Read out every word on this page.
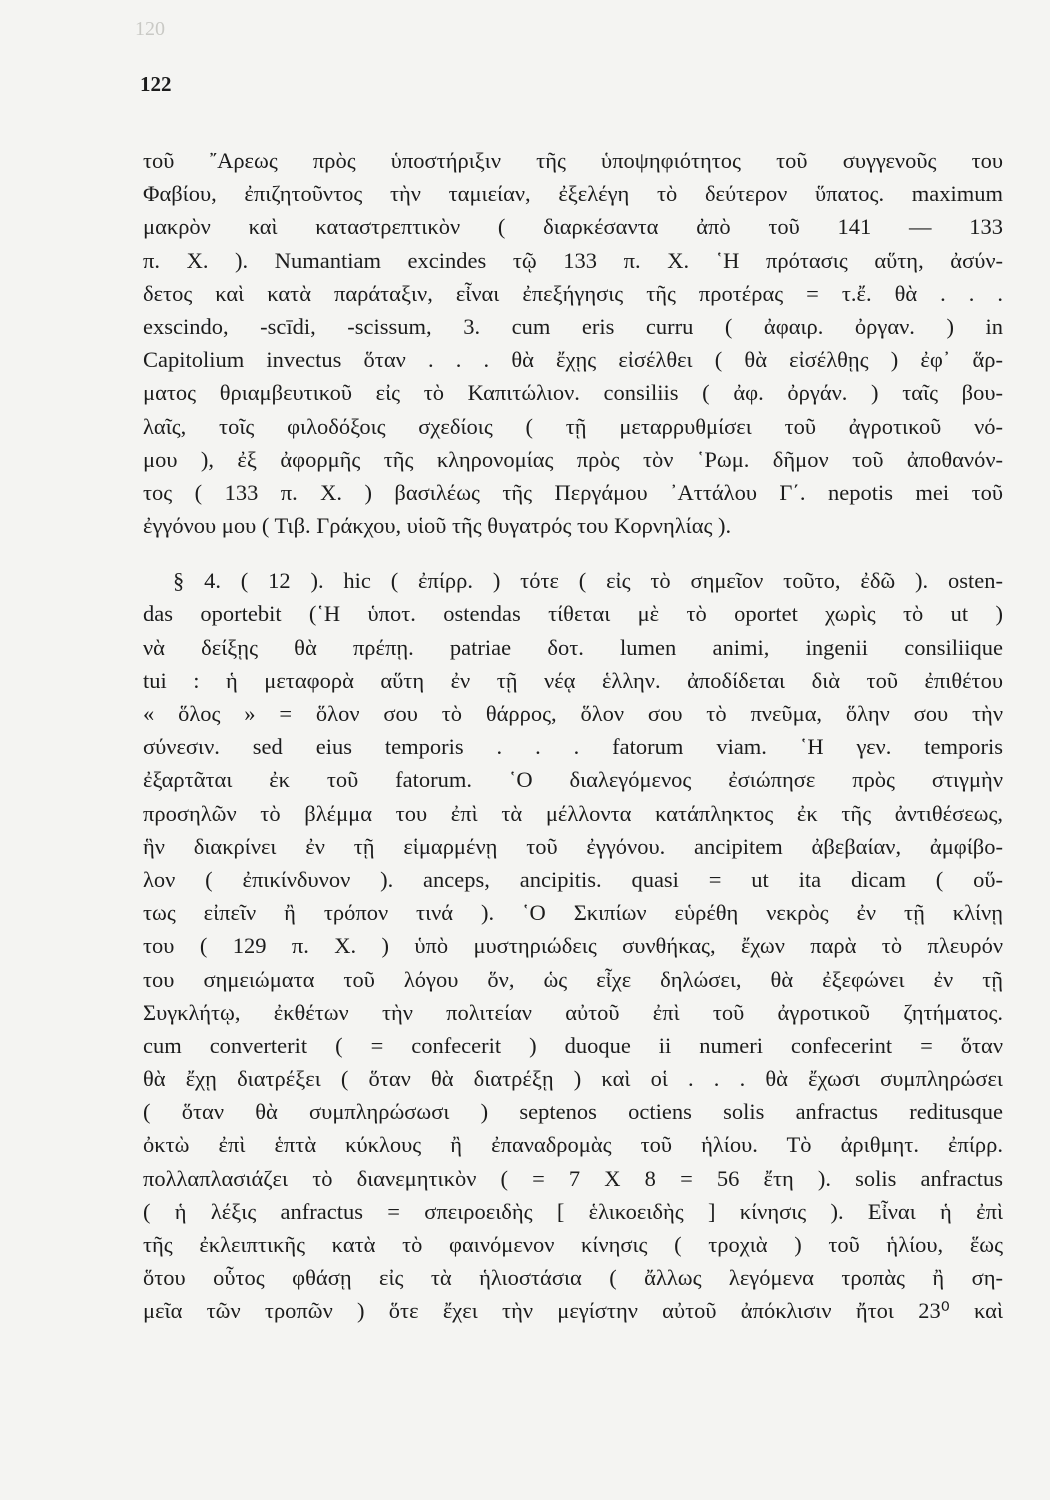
120
122
τοῦ ῎Αρεως πρὸς ὑποστήριξιν τῆς ὑποψηφιότητος τοῦ συγγενοῦς του
Φαβίου, ἐπιζητοῦντος τὴν ταμιείαν, ἐξελέγη τὸ δεύτερον ὕπατος. maximum
μακρὸν καὶ καταστρεπτικὸν ( διαρκέσαντα ἀπὸ τοῦ 141 — 133
π. Χ. ). Numantiam excindes τῷ 133 π. Χ. ῾Η πρότασις αὕτη, ἀσύν-
δετος καὶ κατὰ παράταξιν, εἶναι ἐπεξήγησις τῆς προτέρας = τ.ἔ. θὰ . . .
exscindo, -scīdi, -scissum, 3. cum eris curru ( ἀφαιρ. ὀργαν. ) in
Capitolium invectus ὅταν . . . θὰ ἔχῃς εἰσέλθει ( θὰ εἰσέλθῃς ) ἐφ᾽ ἅρ-
ματος θριαμβευτικοῦ εἰς τὸ Καπιτώλιον. consiliis ( ἀφ. ὀργάν. ) ταῖς βου-
λαῖς, τοῖς φιλοδόξοις σχεδίοις ( τῇ μεταρρυθμίσει τοῦ ἀγροτικοῦ νό-
μου ), ἐξ ἀφορμῆς τῆς κληρονομίας πρὸς τὸν ῾Ρωμ. δῆμον τοῦ ἀποθανόν-
τος ( 133 π. Χ. ) βασιλέως τῆς Περγάμου ᾽Αττάλου Γ΄. nepotis mei τοῦ
ἐγγόνου μου ( Τιβ. Γράκχου, υἱοῦ τῆς θυγατρός του Κορνηλίας ).
§ 4. ( 12 ). hic ( ἐπίρρ. ) τότε ( εἰς τὸ σημεῖον τοῦτο, ἐδῶ ). osten-
das oportebit (῾Η ὑποτ. ostendas τίθεται μὲ τὸ oportet χωρὶς τὸ ut )
νὰ δείξῃς θὰ πρέπῃ. patriae δοτ. lumen animi, ingenii consiliique
tui : ἡ μεταφορὰ αὕτη ἐν τῇ νέᾳ ἑλλην. ἀποδίδεται διὰ τοῦ ἐπιθέτου
« ὅλος » = ὅλον σου τὸ θάρρος, ὅλον σου τὸ πνεῦμα, ὅλην σου τὴν
σύνεσιν. sed eius temporis . . . fatorum viam. ῾Η γεν. temporis
ἐξαρτᾶται ἐκ τοῦ fatorum. ῾Ο διαλεγόμενος ἐσιώπησε πρὸς στιγμὴν
προσηλῶν τὸ βλέμμα του ἐπὶ τὰ μέλλοντα κατάπληκτος ἐκ τῆς ἀντιθέσεως,
ἣν διακρίνει ἐν τῇ εἱμαρμένῃ τοῦ ἐγγόνου. ancipitem ἀβεβαίαν, ἀμφίβο-
λον ( ἐπικίνδυνον ). anceps, ancipitis. quasi = ut ita dicam ( οὕ-
τως εἰπεῖν ἢ τρόπον τινά ). ῾Ο Σκιπίων εὑρέθη νεκρὸς ἐν τῇ κλίνῃ
του ( 129 π. Χ. ) ὑπὸ μυστηριώδεις συνθήκας, ἔχων παρὰ τὸ πλευρόν
του σημειώματα τοῦ λόγου ὅν, ὡς εἶχε δηλώσει, θὰ ἐξεφώνει ἐν τῇ
Συγκλήτῳ, ἐκθέτων τὴν πολιτείαν αὐτοῦ ἐπὶ τοῦ ἀγροτικοῦ ζητήματος.
cum converterit ( = confecerit ) duoque ii numeri confecerint = ὅταν
θὰ ἔχῃ διατρέξει ( ὅταν θὰ διατρέξῃ ) καὶ οἱ . . . θὰ ἔχωσι συμπληρώσει
( ὅταν θὰ συμπληρώσωσι ) septenos octiens solis anfractus reditusque
ὀκτὼ ἐπὶ ἑπτὰ κύκλους ἢ ἐπαναδρομὰς τοῦ ἡλίου. Τὸ ἀριθμητ. ἐπίρρ.
πολλαπλασιάζει τὸ διανεμητικὸν ( = 7 Χ 8 = 56 ἔτη ). solis anfractus
( ἡ λέξις anfractus = σπειροειδὴς [ ἑλικοειδὴς ] κίνησις ). Εἶναι ἡ ἐπὶ
τῆς ἐκλειπτικῆς κατὰ τὸ φαινόμενον κίνησις ( τροχιὰ ) τοῦ ἡλίου, ἕως
ὅτου οὗτος φθάσῃ εἰς τὰ ἡλιοστάσια ( ἄλλως λεγόμενα τροπὰς ἢ ση-
μεῖα τῶν τροπῶν ) ὅτε ἔχει τὴν μεγίστην αὐτοῦ ἀπόκλισιν ἤτοι 23⁰ καὶ
